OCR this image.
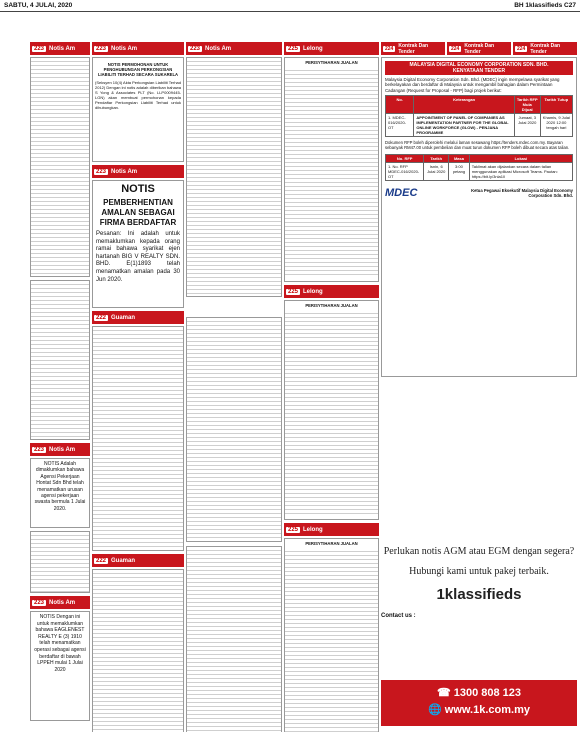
SABTU, 4 JULAI, 2020	BH 1klassifieds C27
223 Notis Am
223 Notis Am
NOTIS Adalah dimaklumkan bahawa Agensi Pekerjaan Hontat Sdn Bhd telah menamatkan urusan agensi pekerjaan swasta bermula 1 Julai 2020.
223 Notis Am
NOTIS Dengan ini untuk memaklumkan bahawa EAGLENEST REALTY E (3) 1910 telah menamatkan operasi sebagai agensi berdaftar di bawah LPPEH mulai 1 Julai 2020
223 Notis Am
NOTIS PERMOHONAN UNTUK PENGHUBUNGAN PERKONGSIAN LIABILITI TERHAD SECARA SUKARELA
(Seksyen 10(4) Akta Perkongsian Liabiliti Terhad 2012) Dengan ini notis adalah diberikan bahawa S Yong & Associates PLT (No. LLP0009445-LGN) akan membuat permohonan kepada Pendaftar Perkongsian Liabiliti Terhad untuk dihubungkan.
223 Notis Am
NOTIS
PEMBERHENTIAN AMALAN SEBAGAI FIRMA BERDAFTAR
Pesanan: Ini adalah untuk memaklumkan kepada orang ramai bahawa syarikat ejen hartanah BIG V REALTY SDN. BHD. E(1)1893 telah menamatkan amalan pada 30 Jun 2020.
222 Guaman
222 Guaman
223 Notis Am	225 Lelong
PERISYTIHARAN JUALAN
225 Lelong
PERISYTIHARAN JUALAN
225 Lelong
PERISYTIHARAN JUALAN
224	Kontrak Dan Tender	224	Kontrak Dan Tender	224	Kontrak Dan Tender
MALAYSIA DIGITAL ECONOMY CORPORATION SDN. BHD.
KENYATAAN TENDER

Malaysia Digital Economy Corporation Sdn. Bhd. (MDEC) ingin mempelawa syarikat yang berkelayakan dan berdaftar di Malaysia untuk mengambil bahagian dalam Permintaan Cadangan (Request for Proposal - RFP) bagi projek berikut:

No.	Keterangan	Tarikh RFP Mula Dijual	Tarikh Tutup
1. MDEC-016/2020-OT	APPOINTMENT OF PANEL OF COMPANIES AS IMPLEMENTATION PARTNER FOR THE GLOBAL ONLINE WORKFORCE (GLOW) - PENJANA PROGRAMME	Jumaat, 3 Julai 2020	Khamis, 9 Julai 2020 12:00 tengah hari

Dokumen RFP boleh diperolehi melalui laman sesawang https://tenders.mdec.com.my. Bayaran sebanyak RM47.00 untuk pembelian dan muat turun dokumen RFP boleh dibuat secara atas talian.

No. RFP	Tarikh	Masa	Lokasi
1. No. RFP MDEC-016/2020-OT	Isnin, 6 Julai 2020	3:00 petang	Taklimat akan dijalankan secara dalam talian menggunakan aplikasi Microsoft Teams. Pautan: https://bit.ly/3nla1ll
MDEC	Ketua Pegawai Eksekutif Malaysia Digital Economy Corporation Sdn. Bhd.
Perlukan notis AGM atau EGM dengan segera?
Hubungi kami untuk pakej terbaik.
1klassifieds
Contact us :
☎ 1300 808 123
🌐 www.1k.com.my
